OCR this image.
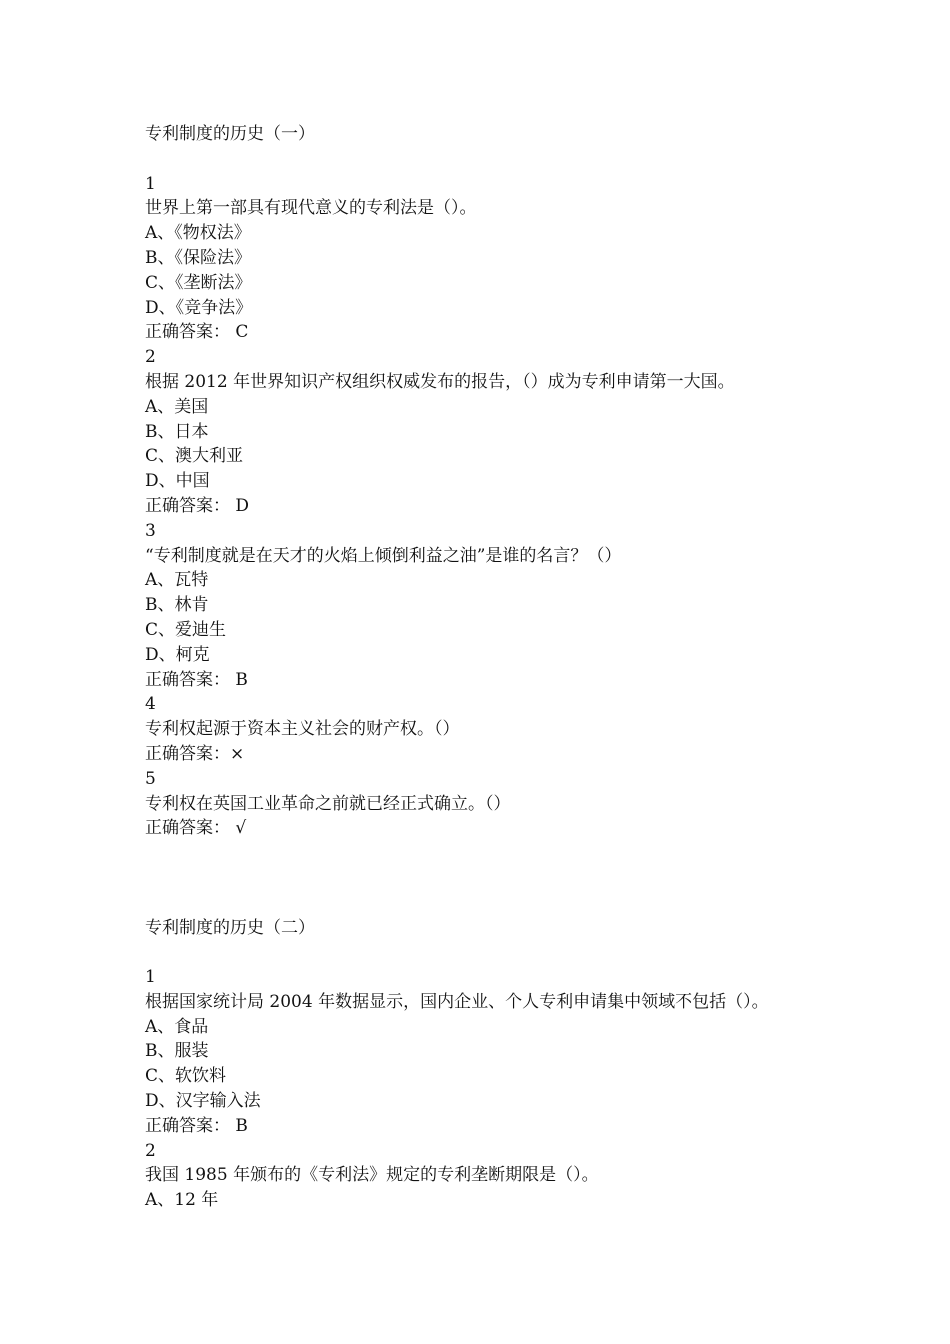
专利制度的历史（一）
1
世界上第一部具有现代意义的专利法是（）。
A、《物权法》
B、《保险法》
C、《垄断法》
D、《竞争法》
正确答案： C
2
根据 2012 年世界知识产权组织权威发布的报告，（）成为专利申请第一大国。
A、美国
B、日本
C、澳大利亚
D、中国
正确答案： D
3
“专利制度就是在天才的火焰上倾倒利益之油”是谁的名言？（）
A、瓦特
B、林肯
C、爱迪生
D、柯克
正确答案： B
4
专利权起源于资本主义社会的财产权。（）
正确答案：×
5
专利权在英国工业革命之前就已经正式确立。（）
正确答案： √
专利制度的历史（二）
1
根据国家统计局 2004 年数据显示，国内企业、个人专利申请集中领域不包括（）。
A、食品
B、服装
C、软饮料
D、汉字输入法
正确答案： B
2
我国 1985 年颁布的《专利法》规定的专利垄断期限是（）。
A、12 年
